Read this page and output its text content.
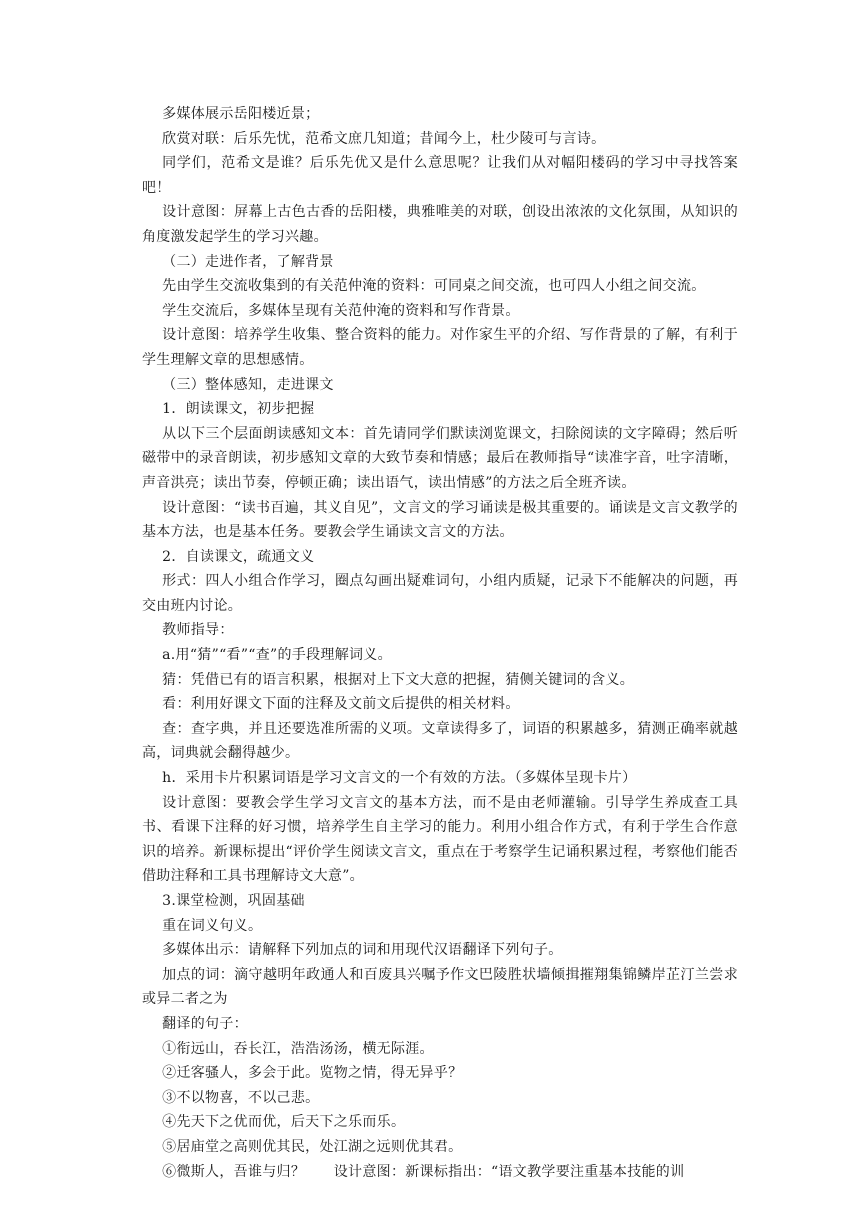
多媒体展示岳阳楼近景；

欣赏对联：后乐先忧，范希文庶几知道；昔闻今上，杜少陵可与言诗。

同学们，范希文是谁？后乐先优又是什么意思呢？让我们从对幅阳楼码的学习中寻找答案吧！

设计意图：屏幕上古色古香的岳阳楼，典雅唯美的对联，创设出浓浓的文化氛围，从知识的角度激发起学生的学习兴趣。

（二）走进作者，了解背景

先由学生交流收集到的有关范仲淹的资料：可同桌之间交流，也可四人小组之间交流。

学生交流后，多媒体呈现有关范仲淹的资料和写作背景。

设计意图：培养学生收集、整合资料的能力。对作家生平的介绍、写作背景的了解，有利于学生理解文章的思想感情。

（三）整体感知，走进课文

1．朗读课文，初步把握

从以下三个层面朗读感知文本：首先请同学们默读浏览课文，扫除阅读的文字障碍；然后听磁带中的录音朗读，初步感知文章的大致节奏和情感；最后在教师指导“读准字音，吐字清晰，声音洪亮；读出节奏，停顿正确；读出语气，读出情感”的方法之后全班齐读。

设计意图：“读书百遍，其义自见”，文言文的学习诵读是极其重要的。诵读是文言文教学的基本方法，也是基本任务。要教会学生诵读文言文的方法。

2．自读课文，疏通文义

形式：四人小组合作学习，圈点勾画出疑难词句，小组内质疑，记录下不能解决的问题，再交由班内讨论。

教师指导：

a.用“猜”“看”“查”的手段理解词义。

猜：凭借已有的语言积累，根据对上下文大意的把握，猜侧关键词的含义。

看：利用好课文下面的注释及文前文后提供的相关材料。

查：查字典，并且还要选准所需的义项。文章读得多了，词语的积累越多，猜测正确率就越高，词典就会翻得越少。

h．采用卡片积累词语是学习文言文的一个有效的方法。（多媒体呈现卡片）

设计意图：要教会学生学习文言文的基本方法，而不是由老师灌输。引导学生养成查工具书、看课下注释的好习惯，培养学生自主学习的能力。利用小组合作方式，有利于学生合作意识的培养。新课标提出“评价学生阅读文言文，重点在于考察学生记诵积累过程，考察他们能否借助注释和工具书理解诗文大意”。

3.课堂检测，巩固基础

重在词义句义。

多媒体出示：请解释下列加点的词和用现代汉语翻译下列句子。

加点的词：滴守越明年政通人和百废具兴嘱予作文巴陵胜状墙倾揖摧翔集锦鳞岸芷汀兰尝求或异二者之为

翻译的句子：

①衔远山，吞长江，浩浩汤汤，横无际涯。

②迁客骚人，多会于此。览物之情，得无异乎？

③不以物喜，不以己悲。

④先天下之优而优，后天下之乐而乐。

⑤居庙堂之高则优其民，处江湖之远则优其君。

⑥微斯人，吾谁与归？　　设计意图：新课标指出：“语文教学要注重基本技能的训
